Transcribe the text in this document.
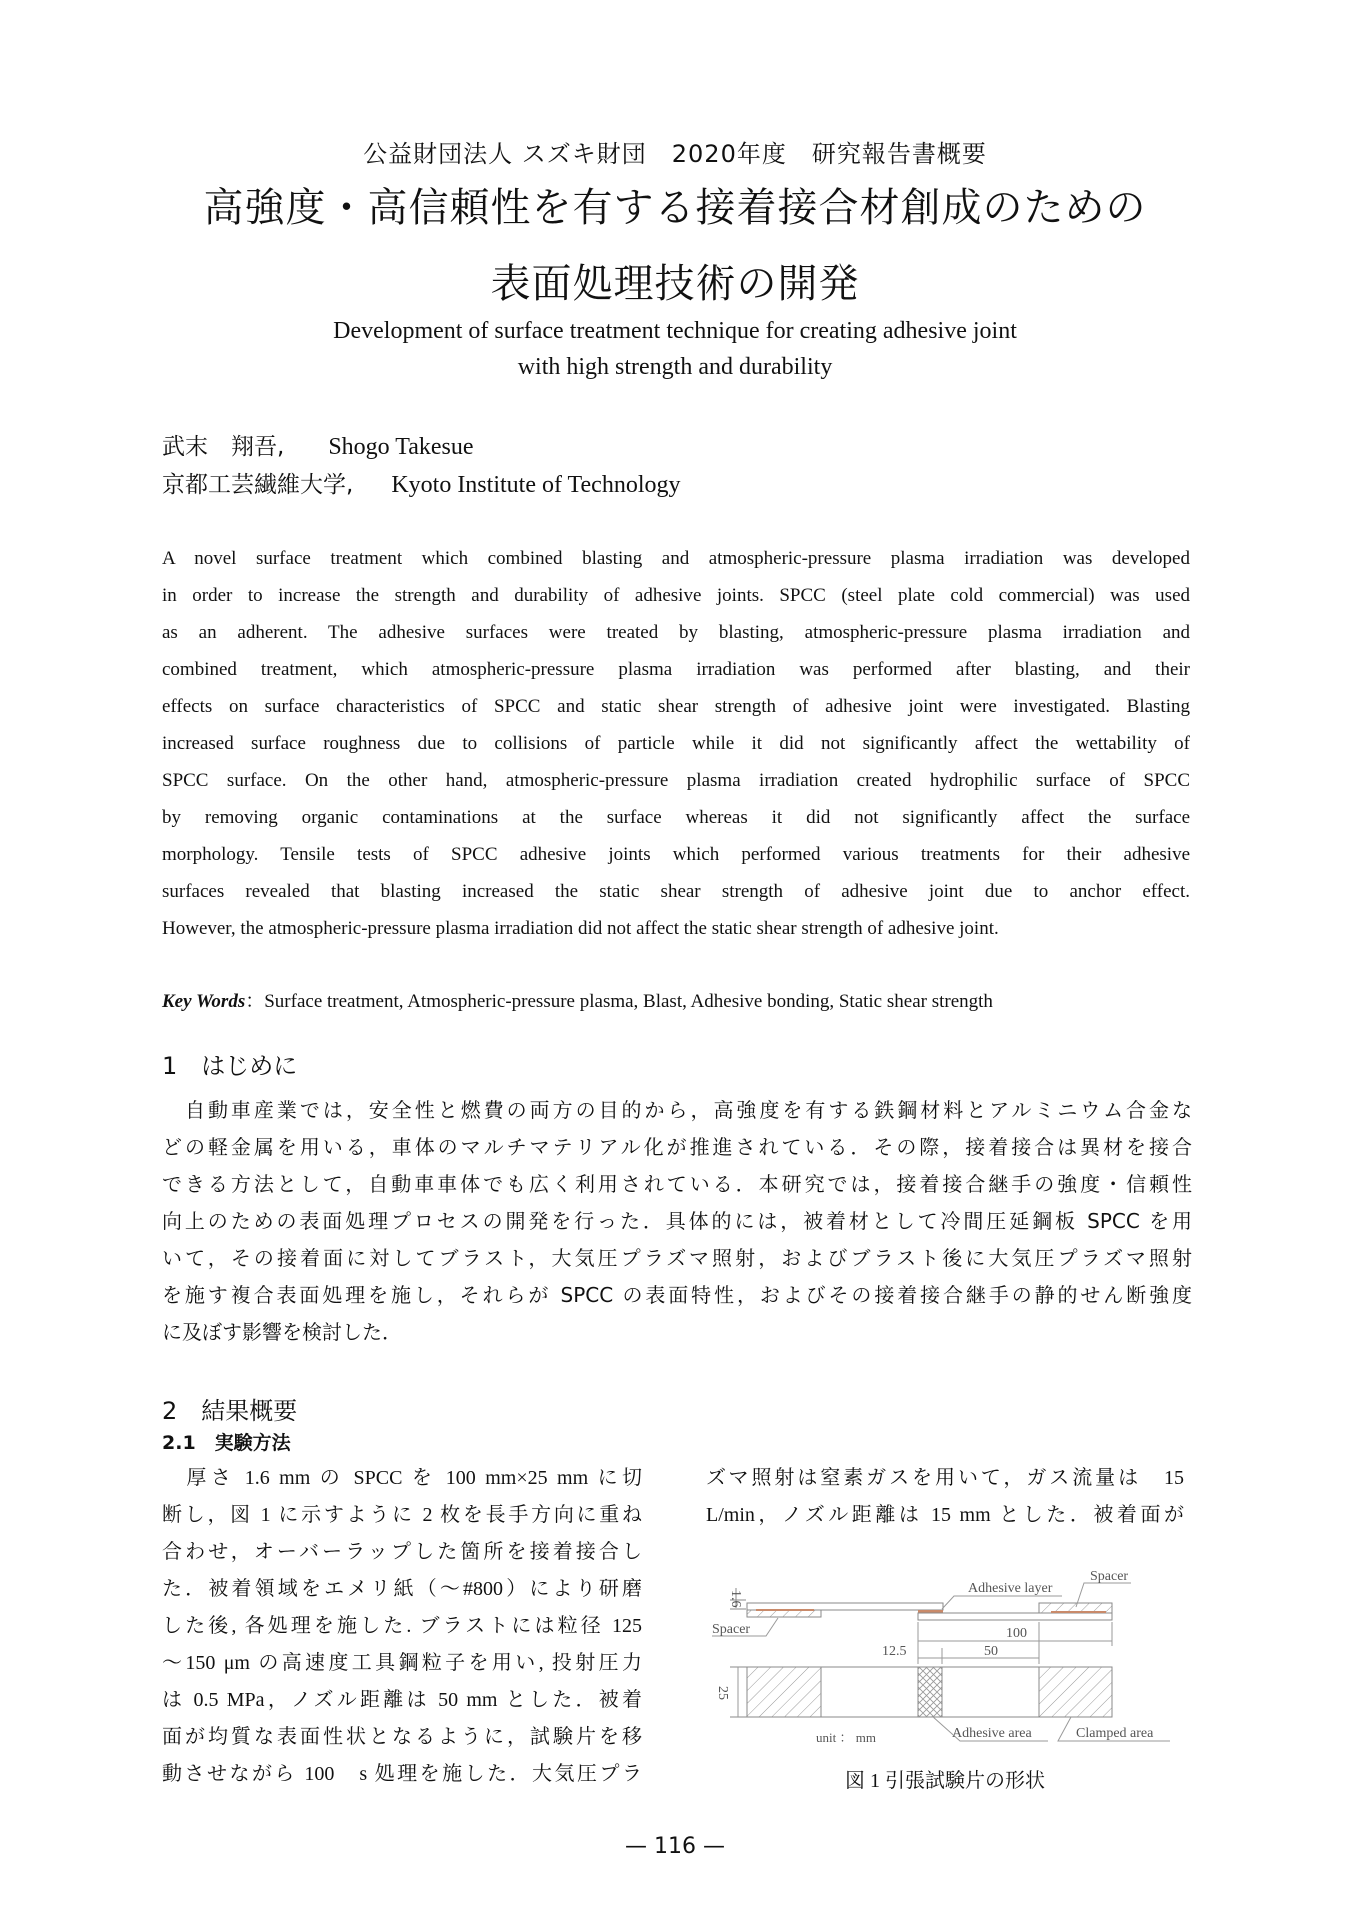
公益財団法人 スズキ財団　2020年度　研究報告書概要
高強度・高信頼性を有する接着接合材創成のための
表面処理技術の開発
Development of surface treatment technique for creating adhesive joint
with high strength and durability
武末　翔吾, Shogo Takesue
京都工芸繊維大学, Kyoto Institute of Technology
A novel surface treatment which combined blasting and atmospheric-pressure plasma irradiation was developed
in order to increase the strength and durability of adhesive joints. SPCC (steel plate cold commercial) was used
as an adherent. The adhesive surfaces were treated by blasting, atmospheric-pressure plasma irradiation and
combined treatment, which atmospheric-pressure plasma irradiation was performed after blasting, and their
effects on surface characteristics of SPCC and static shear strength of adhesive joint were investigated. Blasting
increased surface roughness due to collisions of particle while it did not significantly affect the wettability of
SPCC surface. On the other hand, atmospheric-pressure plasma irradiation created hydrophilic surface of SPCC
by removing organic contaminations at the surface whereas it did not significantly affect the surface
morphology. Tensile tests of SPCC adhesive joints which performed various treatments for their adhesive
surfaces revealed that blasting increased the static shear strength of adhesive joint due to anchor effect.
However, the atmospheric-pressure plasma irradiation did not affect the static shear strength of adhesive joint.
Key Words：Surface treatment, Atmospheric-pressure plasma, Blast, Adhesive bonding, Static shear strength
1　はじめに
　自動車産業では，安全性と燃費の両方の目的から，高強度を有する鉄鋼材料とアルミニウム合金な
どの軽金属を用いる，車体のマルチマテリアル化が推進されている．その際，接着接合は異材を接合
できる方法として，自動車車体でも広く利用されている．本研究では，接着接合継手の強度・信頼性
向上のための表面処理プロセスの開発を行った．具体的には，被着材として冷間圧延鋼板 SPCC を用
いて，その接着面に対してブラスト，大気圧プラズマ照射，およびブラスト後に大気圧プラズマ照射
を施す複合表面処理を施し，それらが SPCC の表面特性，およびその接着接合継手の静的せん断強度
に及ぼす影響を検討した．
2　結果概要
2.1　実験方法
　厚さ 1.6 mm の SPCC を 100 mm×25 mm に切
断し，図 1 に示すように 2 枚を長手方向に重ね
合わせ，オーバーラップした箇所を接着接合し
た．被着領域をエメリ紙（～#800）により研磨
した後, 各処理を施した. ブラストには粒径 125
～150 μm の高速度工具鋼粒子を用い, 投射圧力
は 0.5 MPa，ノズル距離は 50 mm とした．被着
面が均質な表面性状となるように，試験片を移
動させながら 100　s 処理を施した．大気圧プラ
ズマ照射は窒素ガスを用いて，ガス流量は　15
L/min，ノズル距離は 15 mm とした．被着面が
1.6
Adhesive layer
Spacer
Spacer	100
12.5	50
25
unit ： mm	Adhesive area	Clamped area
図 1 引張試験片の形状
— 116 —
